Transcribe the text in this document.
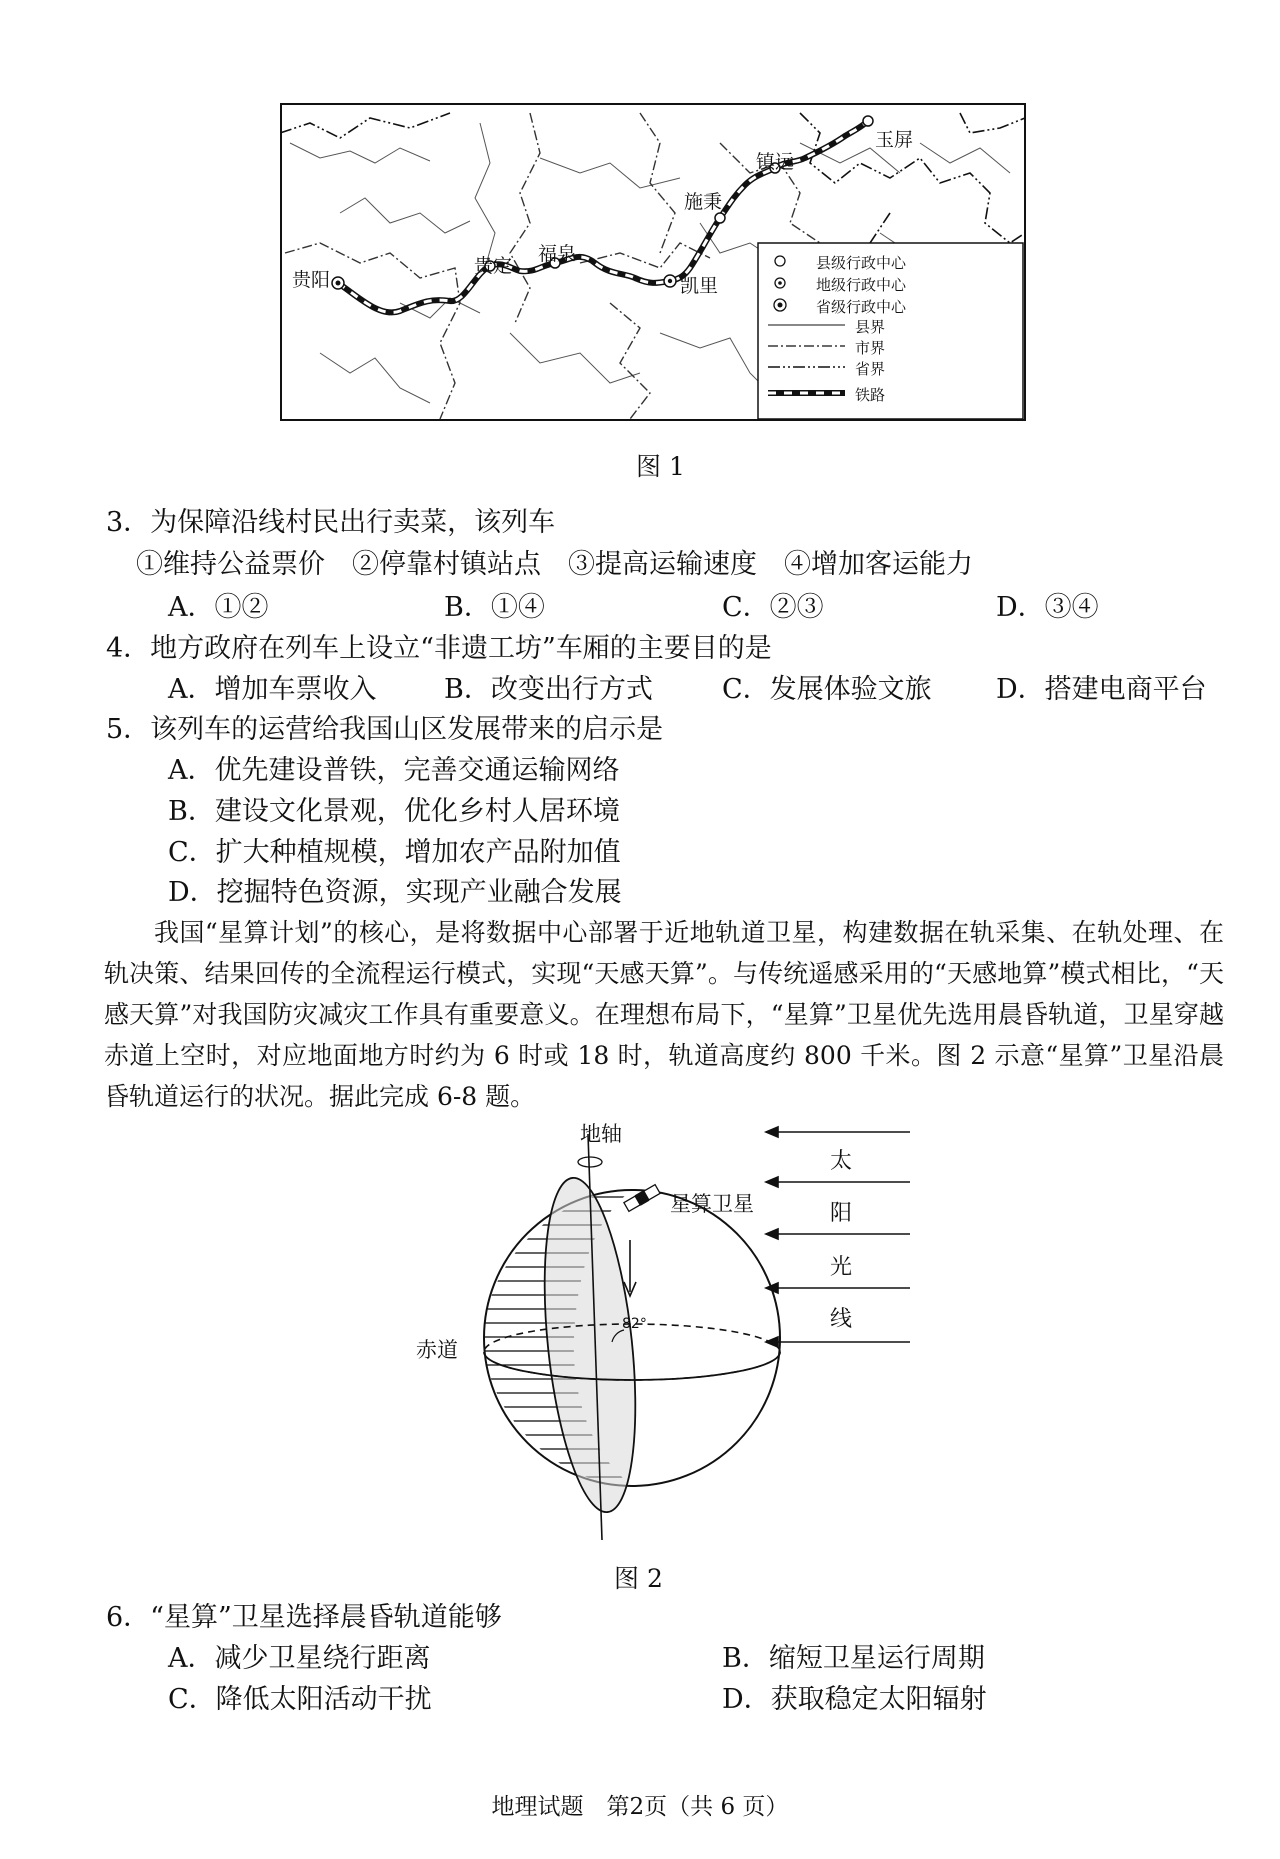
贵阳
贵定
福泉
凯里
施秉
镇远
玉屏
县级行政中心
地级行政中心
省级行政中心
县界
市界
省界
铁路
图 1
3．为保障沿线村民出行卖菜，该列车
①维持公益票价　②停靠村镇站点　③提高运输速度　④增加客运能力
A．①②	B．①④	C．②③	D．③④
4．地方政府在列车上设立“非遗工坊”车厢的主要目的是
A．增加车票收入	B．改变出行方式	C．发展体验文旅 D．搭建电商平台
5．该列车的运营给我国山区发展带来的启示是
A．优先建设普铁，完善交通运输网络
B．建设文化景观，优化乡村人居环境
C．扩大种植规模，增加农产品附加值
D．挖掘特色资源，实现产业融合发展
我国“星算计划”的核心，是将数据中心部署于近地轨道卫星，构建数据在轨采集、在轨处理、在轨决策、结果回传的全流程运行模式，实现“天感天算”。与传统遥感采用的“天感地算”模式相比，“天感天算”对我国防灾减灾工作具有重要意义。在理想布局下，“星算”卫星优先选用晨昏轨道，卫星穿越赤道上空时，对应地面地方时约为 6 时或 18 时，轨道高度约 800 千米。图 2 示意“星算”卫星沿晨昏轨道运行的状况。据此完成 6-8 题。
地轴
星算卫星
赤道
82°
太
阳
光
线
图 2
6．“星算”卫星选择晨昏轨道能够
A．减少卫星绕行距离	B．缩短卫星运行周期
C．降低太阳活动干扰	D．获取稳定太阳辐射
地理试题　第2页（共 6 页）
